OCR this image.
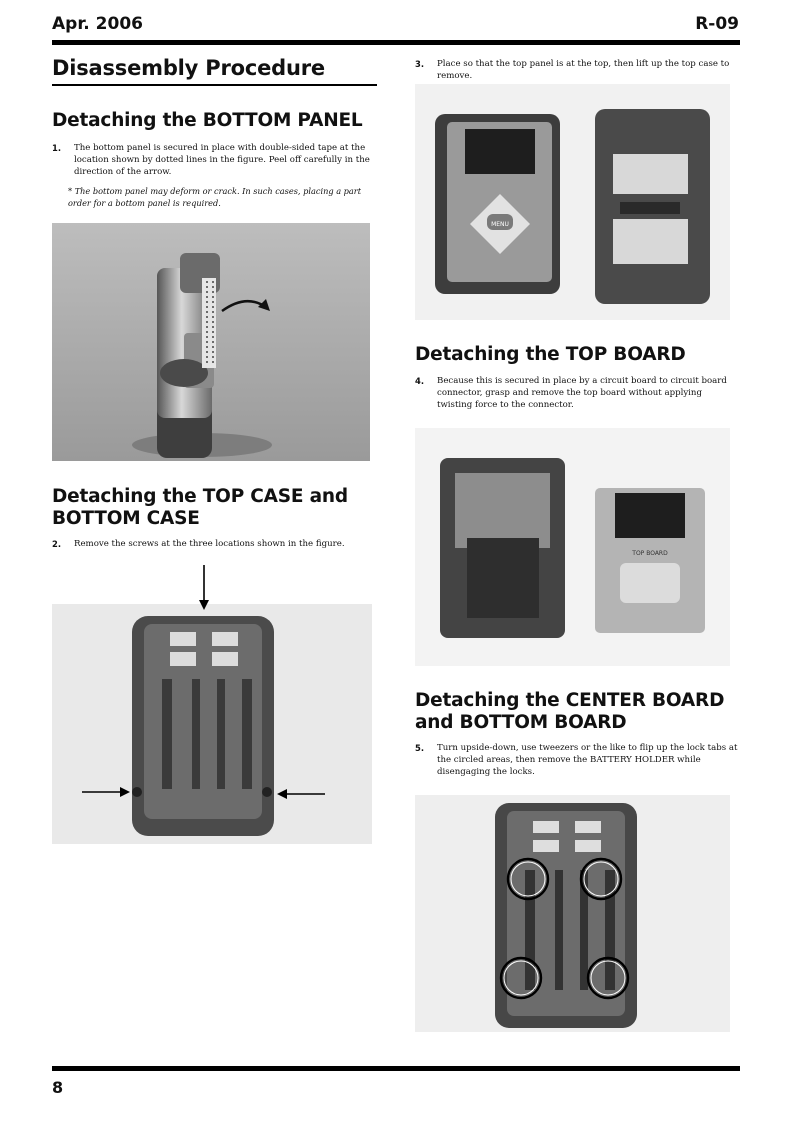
Apr. 2006	R-09
Disassembly Procedure
Detaching the BOTTOM PANEL
1. The bottom panel is secured in place with double-sided tape at the location shown by dotted lines in the figure. Peel off carefully in the direction of the arrow.
* The bottom panel may deform or crack. In such cases, placing a part order for a bottom panel is required.
Detaching the TOP CASE and
BOTTOM CASE
2. Remove the screws at the three locations shown in the figure.
3. Place so that the top panel is at the top, then lift up the top case to remove.
MENU
Detaching the TOP BOARD
4. Because this is secured in place by a circuit board to circuit board connector, grasp and remove the top board without applying twisting force to the connector.
TOP BOARD
Detaching the CENTER BOARD
and BOTTOM BOARD
5. Turn upside-down, use tweezers or the like to flip up the lock tabs at the circled areas, then remove the BATTERY HOLDER while disengaging the locks.
8
